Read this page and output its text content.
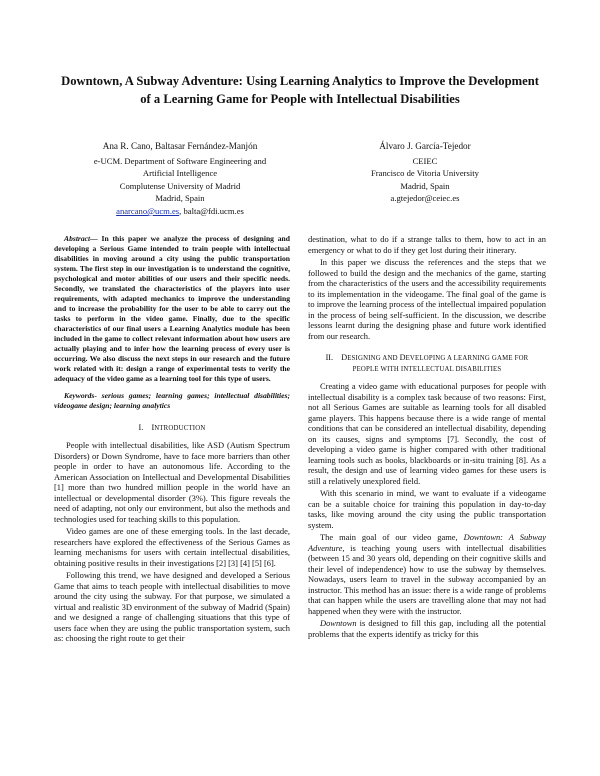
Downtown, A Subway Adventure: Using Learning Analytics to Improve the Development of a Learning Game for People with Intellectual Disabilities
Ana R. Cano, Baltasar Fernández-Manjón
e-UCM. Department of Software Engineering and
Artificial Intelligence
Complutense University of Madrid
Madrid, Spain
anarcano@ucm.es, balta@fdi.ucm.es
Álvaro J. García-Tejedor
CEIEC
Francisco de Vitoria University
Madrid, Spain
a.gtejedor@ceiec.es

Abstract— In this paper we analyze the process of designing and developing a Serious Game intended to train people with intellectual disabilities in moving around a city using the public transportation system. The first step in our investigation is to understand the cognitive, psychological and motor abilities of our users and their specific needs. Secondly, we translated the characteristics of the players into user requirements, with adapted mechanics to improve the understanding and to increase the probability for the user to be able to carry out the tasks to perform in the video game. Finally, due to the specific characteristics of our final users a Learning Analytics module has been included in the game to collect relevant information about how users are actually playing and to infer how the learning process of every user is occurring. We also discuss the next steps in our research and the future work related with it: design a range of experimental tests to verify the adequacy of the video game as a learning tool for this type of users.

Keywords- serious games; learning games; intellectual disabilities; videogame design; learning analytics

I. INTRODUCTION

People with intellectual disabilities, like ASD (Autism Spectrum Disorders) or Down Syndrome, have to face more barriers than other people in order to have an autonomous life. According to the American Association on Intellectual and Developmental Disabilities [1] more than two hundred million people in the world have an intellectual or developmental disorder (3%). This figure reveals the need of adapting, not only our environment, but also the methods and technologies used for teaching skills to this population.

Video games are one of these emerging tools. In the last decade, researchers have explored the effectiveness of the Serious Games as learning mechanisms for users with certain intellectual disabilities, obtaining positive results in their investigations [2] [3] [4] [5] [6].

Following this trend, we have designed and developed a Serious Game that aims to teach people with intellectual disabilities to move around the city using the subway. For that purpose, we simulated a virtual and realistic 3D environment of the subway of Madrid (Spain) and we designed a range of challenging situations that this type of users face when they are using the public transportation system, such as: choosing the right route to get their

destination, what to do if a strange talks to them, how to act in an emergency or what to do if they get lost during their itinerary.

In this paper we discuss the references and the steps that we followed to build the design and the mechanics of the game, starting from the characteristics of the users and the accessibility requirements to its implementation in the videogame. The final goal of the game is to improve the learning process of the intellectual impaired population in the process of being self-sufficient. In the discussion, we describe lessons learnt during the designing phase and future work identified from our research.

II. DESIGNING AND DEVELOPING A LEARNING GAME FOR
PEOPLE WITH INTELLECTUAL DISABILITIES

Creating a video game with educational purposes for people with intellectual disability is a complex task because of two reasons: First, not all Serious Games are suitable as learning tools for all disabled game players. This happens because there is a wide range of mental conditions that can be considered an intellectual disability, depending on its causes, signs and symptoms [7]. Secondly, the cost of developing a video game is higher compared with other traditional learning tools such as books, blackboards or in-situ training [8]. As a result, the design and use of learning video games for these users is still a relatively unexplored field.

With this scenario in mind, we want to evaluate if a videogame can be a suitable choice for training this population in day-to-day tasks, like moving around the city using the public transportation system.

The main goal of our video game, Downtown: A Subway Adventure, is teaching young users with intellectual disabilities (between 15 and 30 years old, depending on their cognitive skills and their level of independence) how to use the subway by themselves. Nowadays, users learn to travel in the subway accompanied by an instructor. This method has an issue: there is a wide range of problems that can happen while the users are travelling alone that may not had happened when they were with the instructor.

Downtown is designed to fill this gap, including all the potential problems that the experts identify as tricky for this
